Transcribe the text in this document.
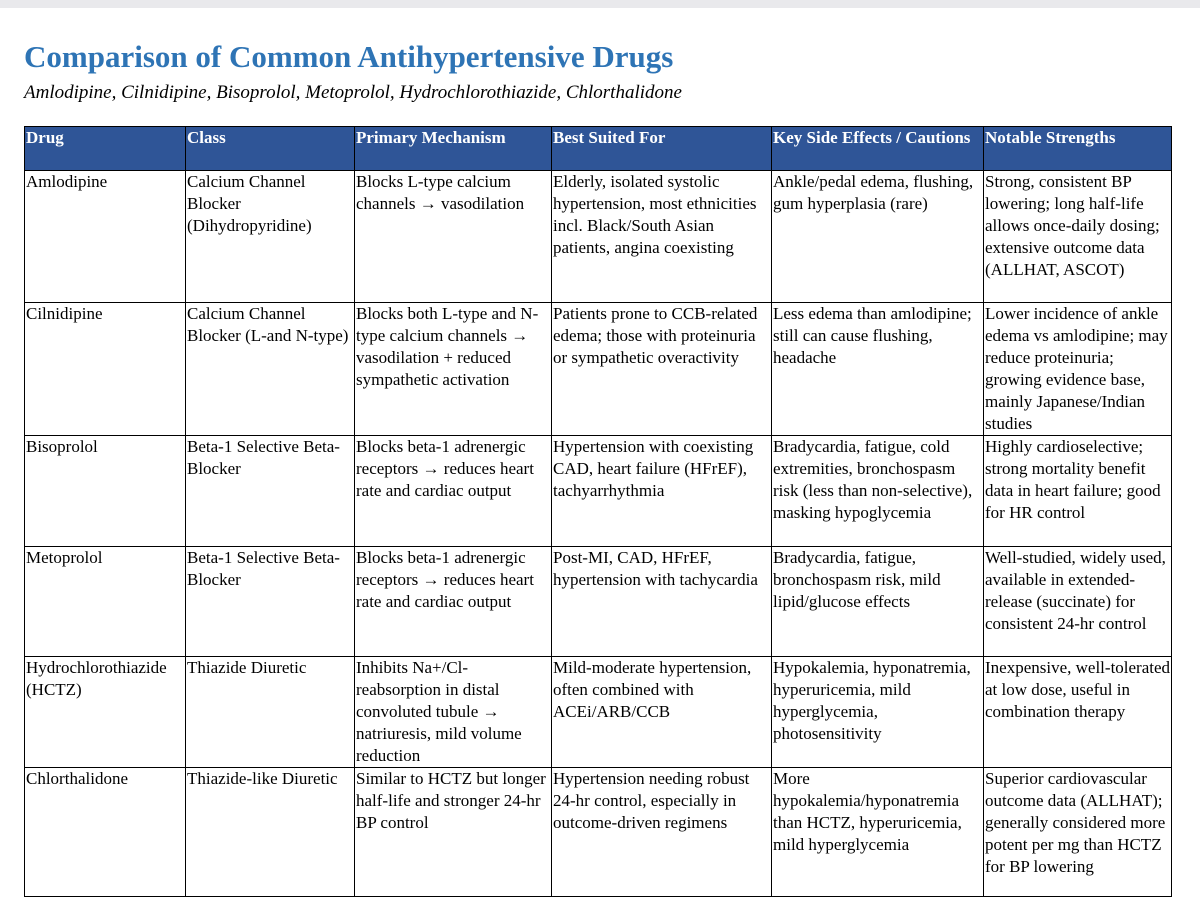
Comparison of Common Antihypertensive Drugs

Amlodipine, Cilnidipine, Bisoprolol, Metoprolol, Hydrochlorothiazide, Chlorthalidone

Drug	Class	Primary Mechanism	Best Suited For	Key Side Effects / Cautions	Notable Strengths
Amlodipine	Calcium Channel Blocker (Dihydropyridine)	Blocks L-type calcium channels → vasodilation	Elderly, isolated systolic hypertension, most ethnicities incl. Black/South Asian patients, angina coexisting	Ankle/pedal edema, flushing, gum hyperplasia (rare)	Strong, consistent BP lowering; long half-life allows once-daily dosing; extensive outcome data (ALLHAT, ASCOT)
Cilnidipine	Calcium Channel Blocker (L-and N-type)	Blocks both L-type and N-type calcium channels → vasodilation + reduced sympathetic activation	Patients prone to CCB-related edema; those with proteinuria or sympathetic overactivity	Less edema than amlodipine; still can cause flushing, headache	Lower incidence of ankle edema vs amlodipine; may reduce proteinuria; growing evidence base, mainly Japanese/Indian studies
Bisoprolol	Beta-1 Selective Beta-Blocker	Blocks beta-1 adrenergic receptors → reduces heart rate and cardiac output	Hypertension with coexisting CAD, heart failure (HFrEF), tachyarrhythmia	Bradycardia, fatigue, cold extremities, bronchospasm risk (less than non-selective), masking hypoglycemia	Highly cardioselective; strong mortality benefit data in heart failure; good for HR control
Metoprolol	Beta-1 Selective Beta-Blocker	Blocks beta-1 adrenergic receptors → reduces heart rate and cardiac output	Post-MI, CAD, HFrEF, hypertension with tachycardia	Bradycardia, fatigue, bronchospasm risk, mild lipid/glucose effects	Well-studied, widely used, available in extended-release (succinate) for consistent 24-hr control
Hydrochlorothiazide (HCTZ)	Thiazide Diuretic	Inhibits Na+/Cl- reabsorption in distal convoluted tubule → natriuresis, mild volume reduction	Mild-moderate hypertension, often combined with ACEi/ARB/CCB	Hypokalemia, hyponatremia, hyperuricemia, mild hyperglycemia, photosensitivity	Inexpensive, well-tolerated at low dose, useful in combination therapy
Chlorthalidone	Thiazide-like Diuretic	Similar to HCTZ but longer half-life and stronger 24-hr BP control	Hypertension needing robust 24-hr control, especially in outcome-driven regimens	More hypokalemia/hyponatremia than HCTZ, hyperuricemia, mild hyperglycemia	Superior cardiovascular outcome data (ALLHAT); generally considered more potent per mg than HCTZ for BP lowering
